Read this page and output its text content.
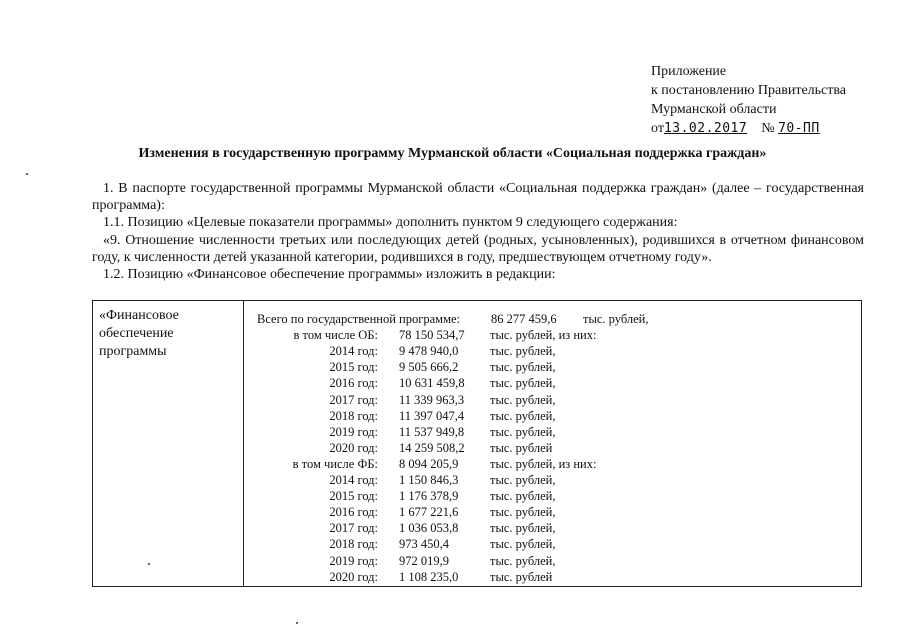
Приложение
к постановлению Правительства
Мурманской области
от13.02.2017 № 70-ПП
Изменения в государственную программу Мурманской области «Социальная поддержка граждан»
1. В паспорте государственной программы Мурманской области «Социальная поддержка граждан» (далее – государственная программа):
1.1. Позицию «Целевые показатели программы» дополнить пунктом 9 следующего содержания:
«9. Отношение численности третьих или последующих детей (родных, усыновленных), родившихся в отчетном финансовом году, к численности детей указанной категории, родившихся в году, предшествующем отчетному году».
1.2. Позицию «Финансовое обеспечение программы» изложить в редакции:
«Финансовое обеспечение программы
Всего по государственной программе: 86 277 459,6 тыс. рублей,
в том числе ОБ: 78 150 534,7 тыс. рублей, из них:
2014 год: 9 478 940,0	тыс. рублей,
2015 год: 9 505 666,2	тыс. рублей,
2016 год: 10 631 459,8 тыс. рублей,
2017 год: 11 339 963,3 тыс. рублей,
2018 год: 11 397 047,4 тыс. рублей,
2019 год: 11 537 949,8 тыс. рублей,
2020 год: 14 259 508,2 тыс. рублей
в том числе ФБ: 8 094 205,9	тыс. рублей, из них:
2014 год: 1 150 846,3	тыс. рублей,
2015 год: 1 176 378,9	тыс. рублей,
2016 год: 1 677 221,6	тыс. рублей,
2017 год: 1 036 053,8	тыс. рублей,
2018 год: 973 450,4	тыс. рублей,
2019 год: 972 019,9	тыс. рублей,
2020 год: 1 108 235,0	тыс. рублей
